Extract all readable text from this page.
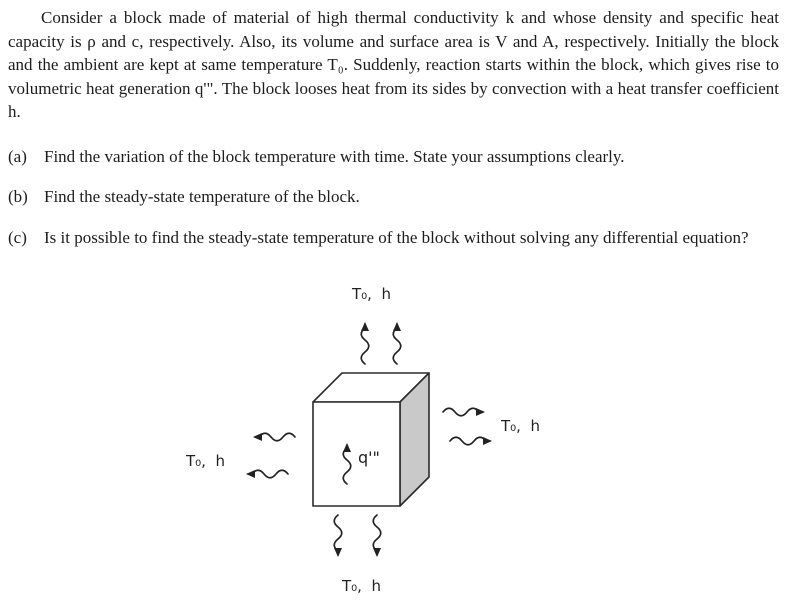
Consider a block made of material of high thermal conductivity k and whose density and specific heat capacity is ρ and c, respectively. Also, its volume and surface area is V and A, respectively. Initially the block and the ambient are kept at same temperature T₀. Suddenly, reaction starts within the block, which gives rise to volumetric heat generation q'". The block looses heat from its sides by convection with a heat transfer coefficient h.

(a)	Find the variation of the block temperature with time. State your assumptions clearly.
(b) Find the steady-state temperature of the block.
(c)	Is it possible to find the steady-state temperature of the block without solving any differential equation?
T₀,  h
T₀,  h
T₀,  h
T₀,  h
q'"
